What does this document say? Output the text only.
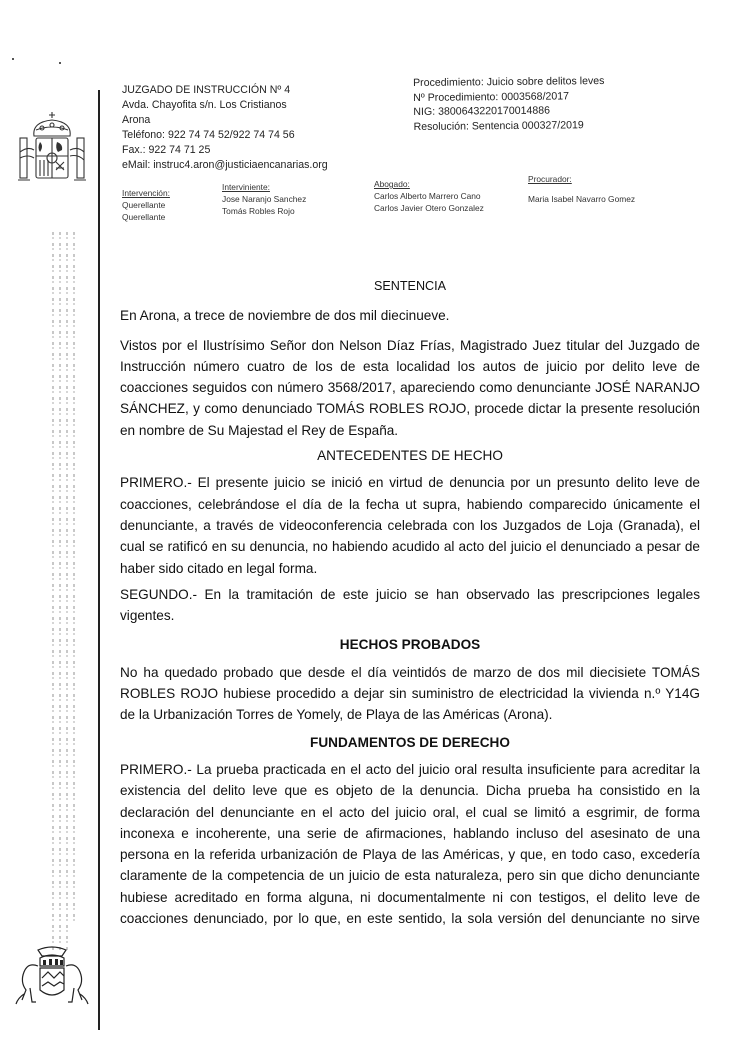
JUZGADO DE INSTRUCCIÓN Nº 4
Avda. Chayofita s/n. Los Cristianos
Arona
Teléfono: 922 74 74 52/922 74 74 56
Fax.: 922 74 71 25
eMail: instruc4.aron@justiciaencanarias.org
Procedimiento: Juicio sobre delitos leves
Nº Procedimiento: 0003568/2017
NIG: 3800643220170014886
Resolución: Sentencia 000327/2019
Intervención:
Querellante
Querellante
Interviniente:
Jose Naranjo Sanchez
Tomás Robles Rojo
Abogado:
Carlos Alberto Marrero Cano
Carlos Javier Otero Gonzalez
Procurador:
Maria Isabel Navarro Gomez

SENTENCIA

En Arona, a trece de noviembre de dos mil diecinueve.

Vistos por el Ilustrísimo Señor don Nelson Díaz Frías, Magistrado Juez titular del Juzgado de Instrucción número cuatro de los de esta localidad los autos de juicio por delito leve de coacciones seguidos con número 3568/2017, apareciendo como denunciante JOSÉ NARANJO SÁNCHEZ, y como denunciado TOMÁS ROBLES ROJO, procede dictar la presente resolución en nombre de Su Majestad el Rey de España.

ANTECEDENTES DE HECHO

PRIMERO.- El presente juicio se inició en virtud de denuncia por un presunto delito leve de coacciones, celebrándose el día de la fecha ut supra, habiendo comparecido únicamente el denunciante, a través de videoconferencia celebrada con los Juzgados de Loja (Granada), el cual se ratificó en su denuncia, no habiendo acudido al acto del juicio el denunciado a pesar de haber sido citado en legal forma.

SEGUNDO.- En la tramitación de este juicio se han observado las prescripciones legales vigentes.

HECHOS PROBADOS

No ha quedado probado que desde el día veintidós de marzo de dos mil diecisiete TOMÁS ROBLES ROJO hubiese procedido a dejar sin suministro de electricidad la vivienda n.º Y14G de la Urbanización Torres de Yomely, de Playa de las Américas (Arona).

FUNDAMENTOS DE DERECHO

PRIMERO.- La prueba practicada en el acto del juicio oral resulta insuficiente para acreditar la existencia del delito leve que es objeto de la denuncia. Dicha prueba ha consistido en la declaración del denunciante en el acto del juicio oral, el cual se limitó a esgrimir, de forma inconexa e incoherente, una serie de afirmaciones, hablando incluso del asesinato de una persona en la referida urbanización de Playa de las Américas, y que, en todo caso, excedería claramente de la competencia de un juicio de esta naturaleza, pero sin que dicho denunciante hubiese acreditado en forma alguna, ni documentalmente ni con testigos, el delito leve de coacciones denunciado, por lo que, en este sentido, la sola versión del denunciante no sirve
